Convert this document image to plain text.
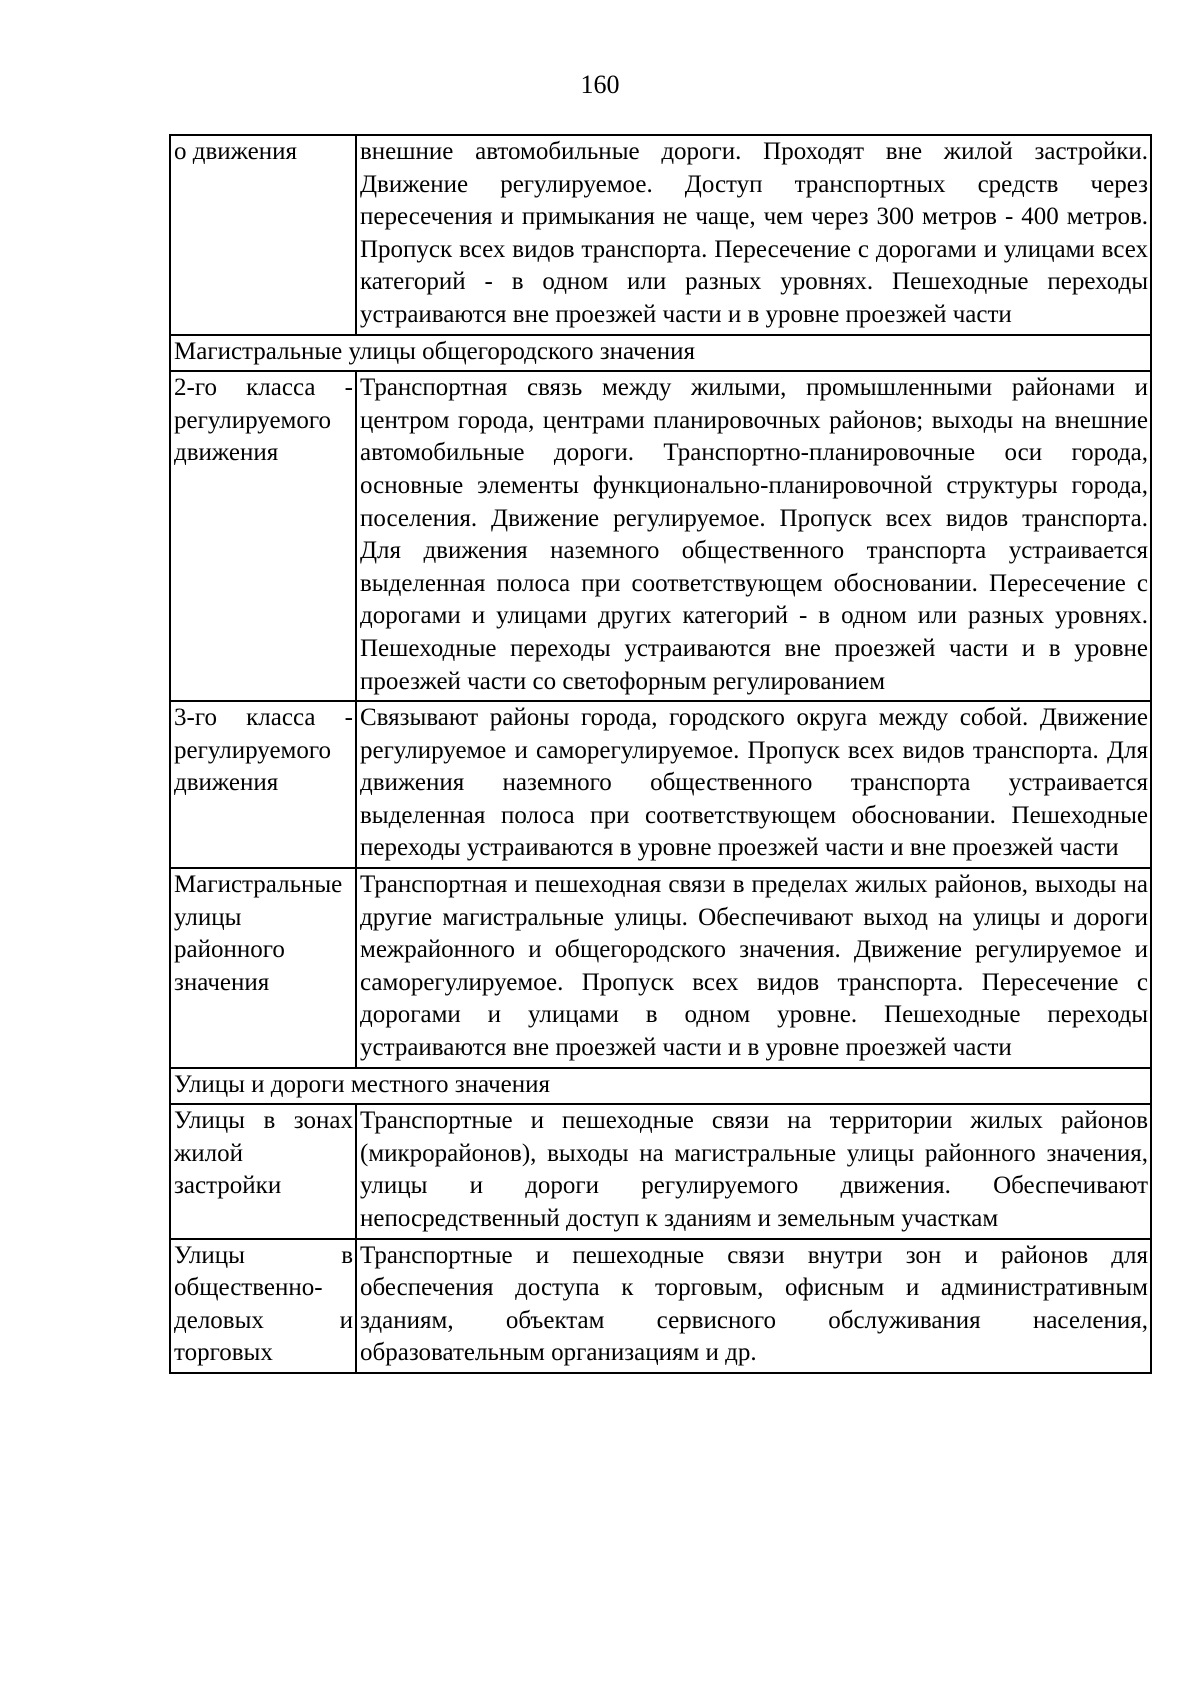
160
о движения	внешние автомобильные дороги. Проходят вне жилой застройки. Движение регулируемое. Доступ транспортных средств через пересечения и примыкания не чаще, чем через 300 метров - 400 метров. Пропуск всех видов транспорта. Пересечение с дорогами и улицами всех категорий - в одном или разных уровнях. Пешеходные переходы устраиваются вне проезжей части и в уровне проезжей части
Магистральные улицы общегородского значения	
2-го класса - регулируемого движения	Транспортная связь между жилыми, промышленными районами и центром города, центрами планировочных районов; выходы на внешние автомобильные дороги. Транспортно-планировочные оси города, основные элементы функционально-планировочной структуры города, поселения. Движение регулируемое. Пропуск всех видов транспорта. Для движения наземного общественного транспорта устраивается выделенная полоса при соответствующем обосновании. Пересечение с дорогами и улицами других категорий - в одном или разных уровнях. Пешеходные переходы устраиваются вне проезжей части и в уровне проезжей части со светофорным регулированием
3-го класса - регулируемого движения	Связывают районы города, городского округа между собой. Движение регулируемое и саморегулируемое. Пропуск всех видов транспорта. Для движения наземного общественного транспорта устраивается выделенная полоса при соответствующем обосновании. Пешеходные переходы устраиваются в уровне проезжей части и вне проезжей части
Магистральные улицы районного значения	Транспортная и пешеходная связи в пределах жилых районов, выходы на другие магистральные улицы. Обеспечивают выход на улицы и дороги межрайонного и общегородского значения. Движение регулируемое и саморегулируемое. Пропуск всех видов транспорта. Пересечение с дорогами и улицами в одном уровне. Пешеходные переходы устраиваются вне проезжей части и в уровне проезжей части
Улицы и дороги местного значения	
Улицы в зонах жилой застройки	Транспортные и пешеходные связи на территории жилых районов (микрорайонов), выходы на магистральные улицы районного значения, улицы и дороги регулируемого движения. Обеспечивают непосредственный доступ к зданиям и земельным участкам
Улицы в общественно-деловых и торговых	Транспортные и пешеходные связи внутри зон и районов для обеспечения доступа к торговым, офисным и административным зданиям, объектам сервисного обслуживания населения, образовательным организациям и др.
